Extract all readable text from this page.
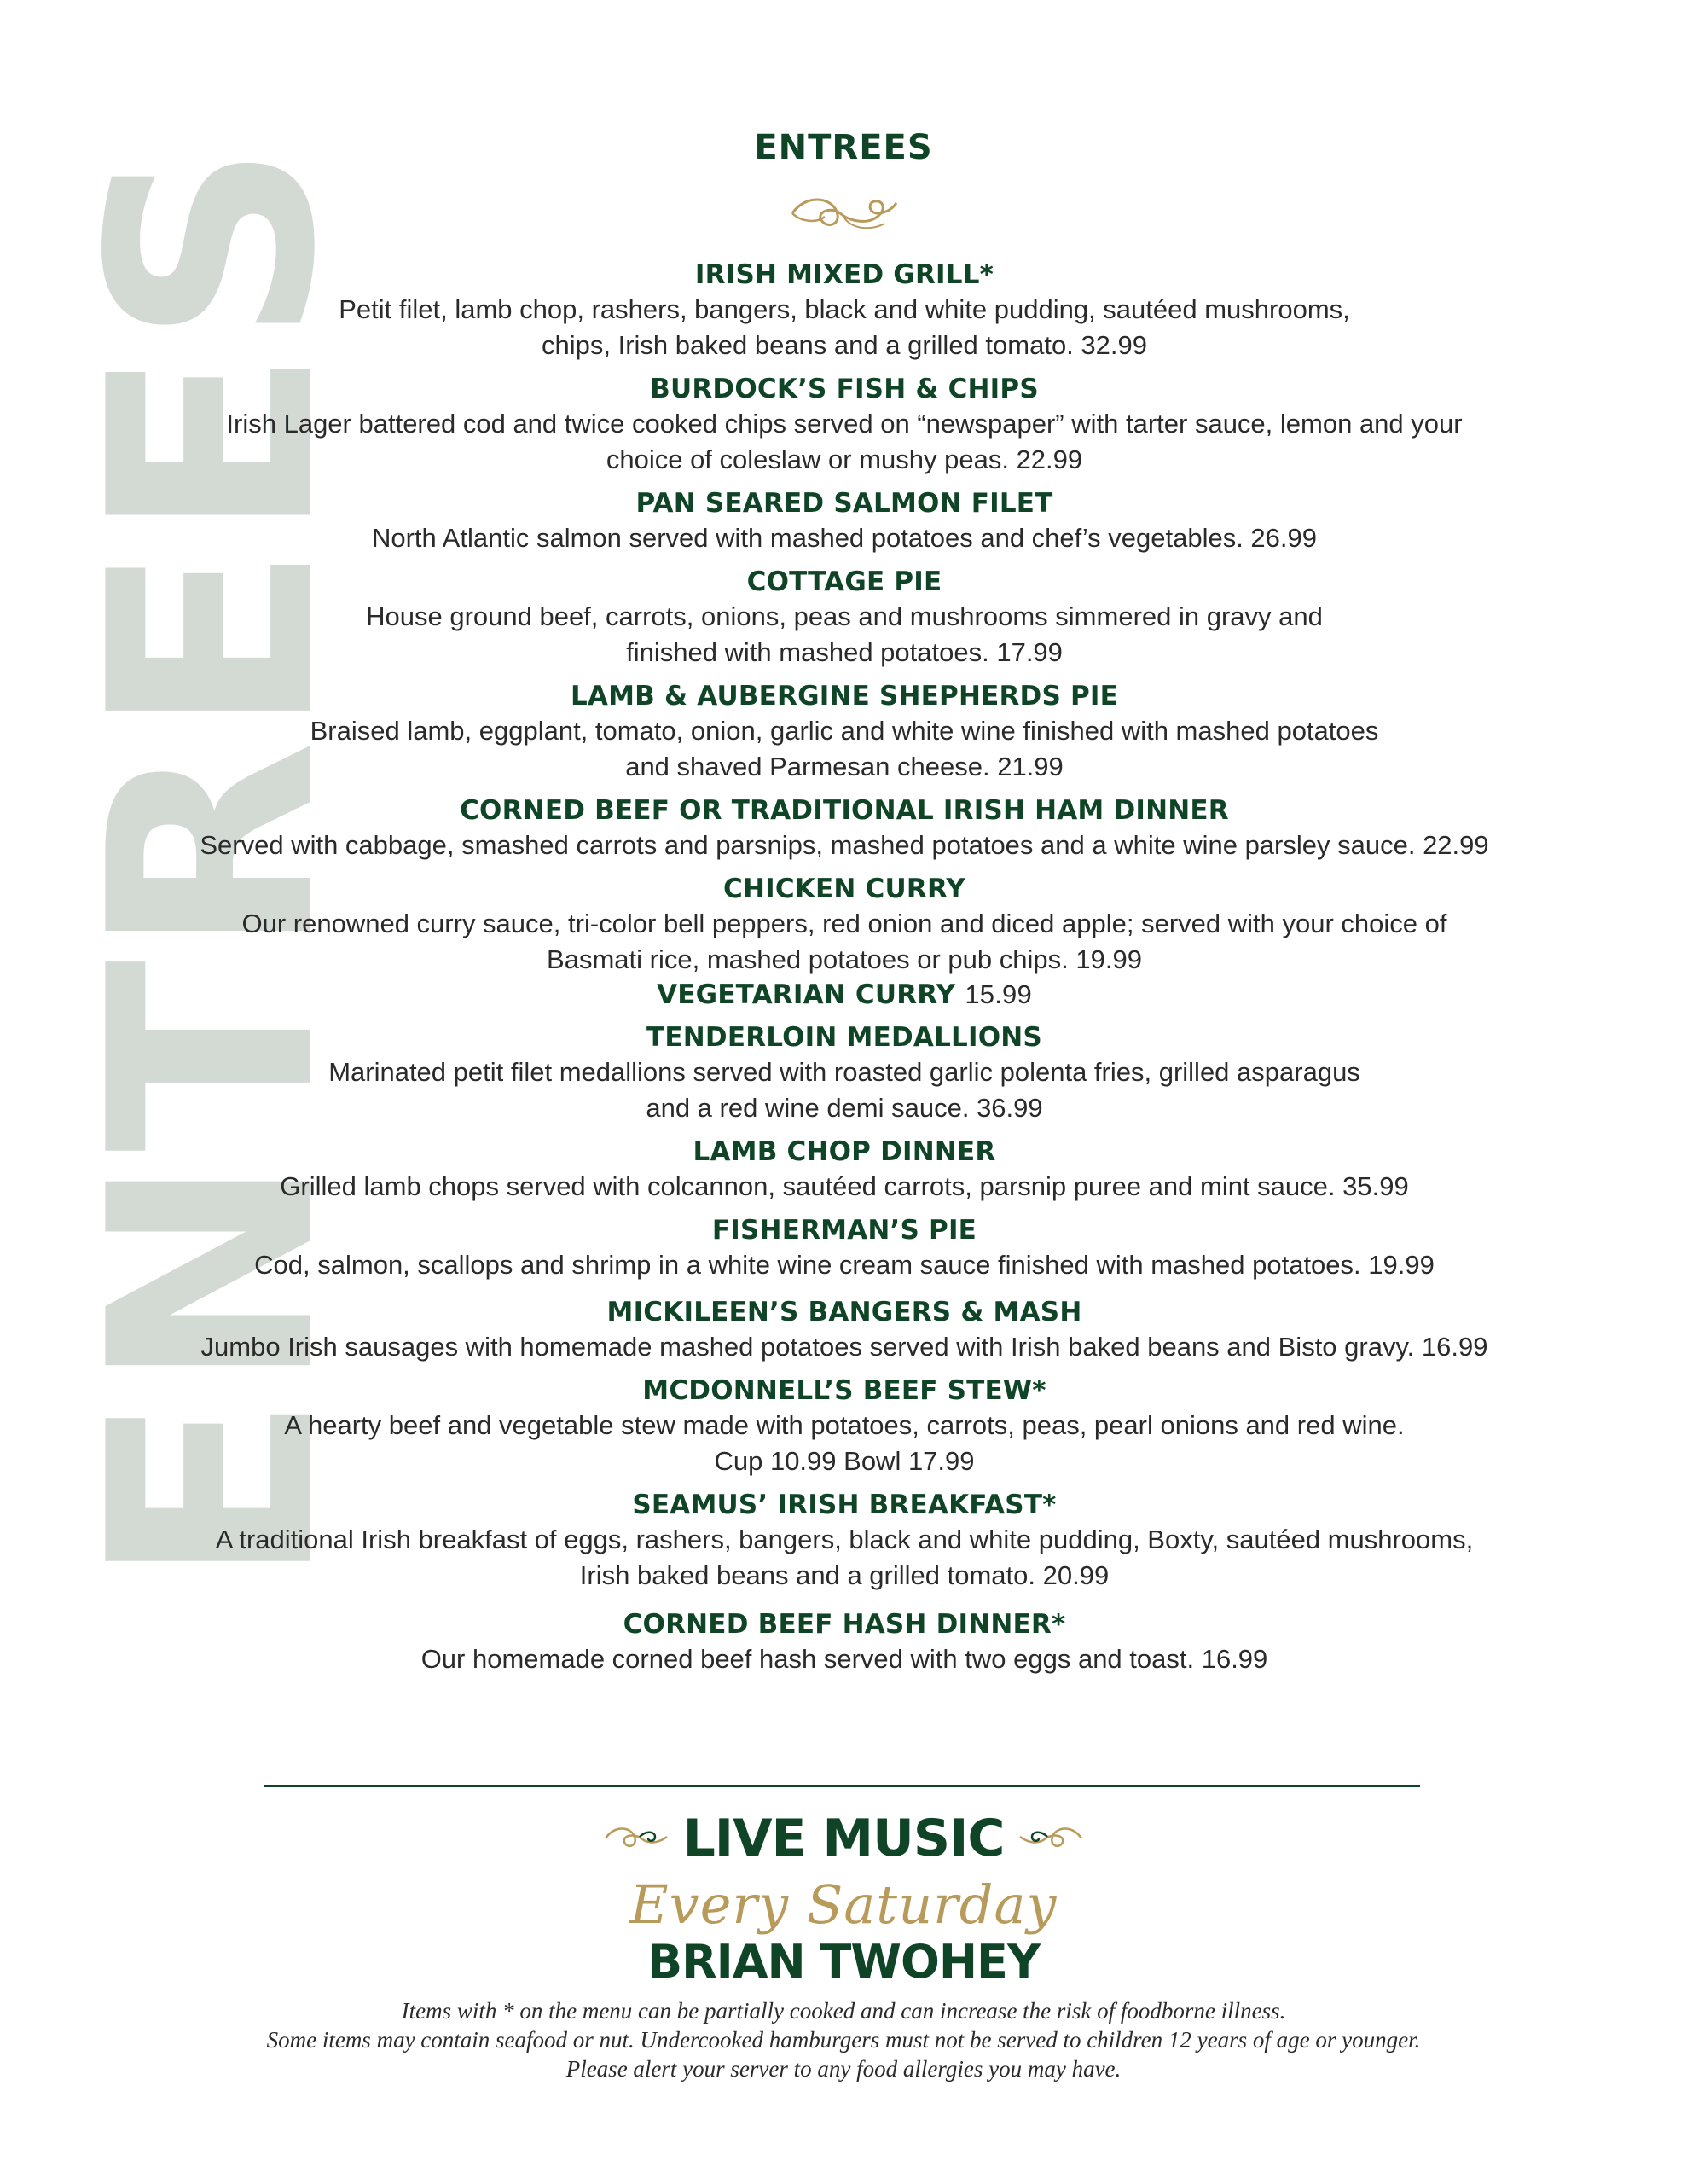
ENTREES	ENTREES
IRISH MIXED GRILL*
Petit filet, lamb chop, rashers, bangers, black and white pudding, sautéed mushrooms,
chips, Irish baked beans and a grilled tomato. 32.99
BURDOCK’S FISH & CHIPS
Irish Lager battered cod and twice cooked chips served on “newspaper” with tarter sauce, lemon and your
choice of coleslaw or mushy peas. 22.99
PAN SEARED SALMON FILET
North Atlantic salmon served with mashed potatoes and chef’s vegetables. 26.99
COTTAGE PIE
House ground beef, carrots, onions, peas and mushrooms simmered in gravy and
finished with mashed potatoes. 17.99
LAMB & AUBERGINE SHEPHERDS PIE
Braised lamb, eggplant, tomato, onion, garlic and white wine finished with mashed potatoes
and shaved Parmesan cheese. 21.99
CORNED BEEF OR TRADITIONAL IRISH HAM DINNER
Served with cabbage, smashed carrots and parsnips, mashed potatoes and a white wine parsley sauce. 22.99
CHICKEN CURRY
Our renowned curry sauce, tri-color bell peppers, red onion and diced apple; served with your choice of
Basmati rice, mashed potatoes or pub chips. 19.99
VEGETARIAN CURRY 15.99
TENDERLOIN MEDALLIONS
Marinated petit filet medallions served with roasted garlic polenta fries, grilled asparagus
and a red wine demi sauce. 36.99
LAMB CHOP DINNER
Grilled lamb chops served with colcannon, sautéed carrots, parsnip puree and mint sauce. 35.99
FISHERMAN’S PIE
Cod, salmon, scallops and shrimp in a white wine cream sauce finished with mashed potatoes. 19.99
MICKILEEN’S BANGERS & MASH
Jumbo Irish sausages with homemade mashed potatoes served with Irish baked beans and Bisto gravy. 16.99
MCDONNELL’S BEEF STEW*
A hearty beef and vegetable stew made with potatoes, carrots, peas, pearl onions and red wine.
Cup 10.99 Bowl 17.99
SEAMUS’ IRISH BREAKFAST*
A traditional Irish breakfast of eggs, rashers, bangers, black and white pudding, Boxty, sautéed mushrooms,
Irish baked beans and a grilled tomato. 20.99
CORNED BEEF HASH DINNER*
Our homemade corned beef hash served with two eggs and toast. 16.99
LIVE MUSIC
Every Saturday
BRIAN TWOHEY
Items with * on the menu can be partially cooked and can increase the risk of foodborne illness.
Some items may contain seafood or nut. Undercooked hamburgers must not be served to children 12 years of age or younger.
Please alert your server to any food allergies you may have.
